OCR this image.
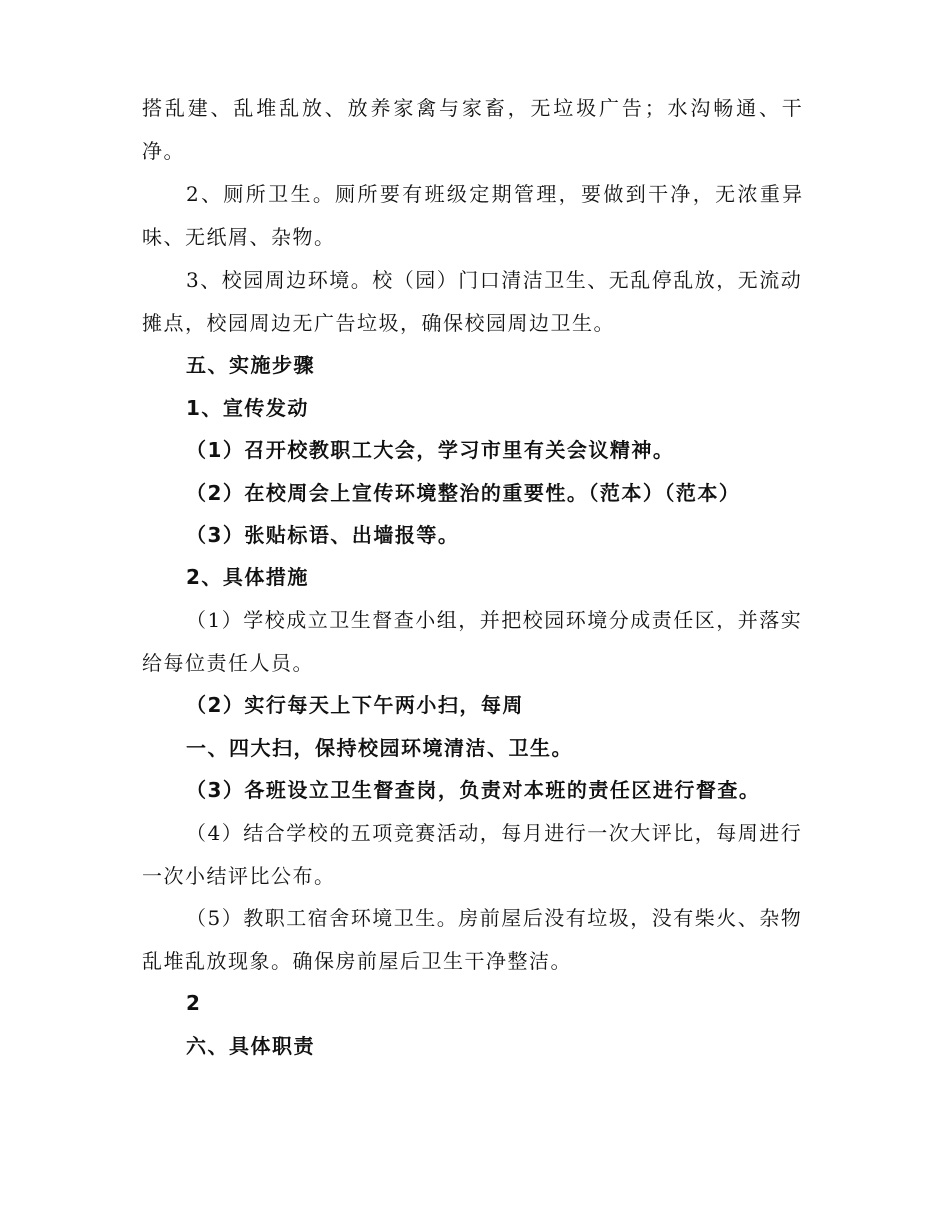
搭乱建、乱堆乱放、放养家禽与家畜，无垃圾广告；水沟畅通、干
净。
2、厕所卫生。厕所要有班级定期管理，要做到干净，无浓重异
味、无纸屑、杂物。
3、校园周边环境。校（园）门口清洁卫生、无乱停乱放，无流动
摊点，校园周边无广告垃圾，确保校园周边卫生。
五、实施步骤
1、宣传发动
（1）召开校教职工大会，学习市里有关会议精神。
（2）在校周会上宣传环境整治的重要性。（范本）（范本）
（3）张贴标语、出墙报等。
2、具体措施
（1）学校成立卫生督查小组，并把校园环境分成责任区，并落实
给每位责任人员。
（2）实行每天上下午两小扫，每周
一、四大扫，保持校园环境清洁、卫生。
（3）各班设立卫生督查岗，负责对本班的责任区进行督查。
（4）结合学校的五项竞赛活动，每月进行一次大评比，每周进行
一次小结评比公布。
（5）教职工宿舍环境卫生。房前屋后没有垃圾，没有柴火、杂物
乱堆乱放现象。确保房前屋后卫生干净整洁。
2
六、具体职责
